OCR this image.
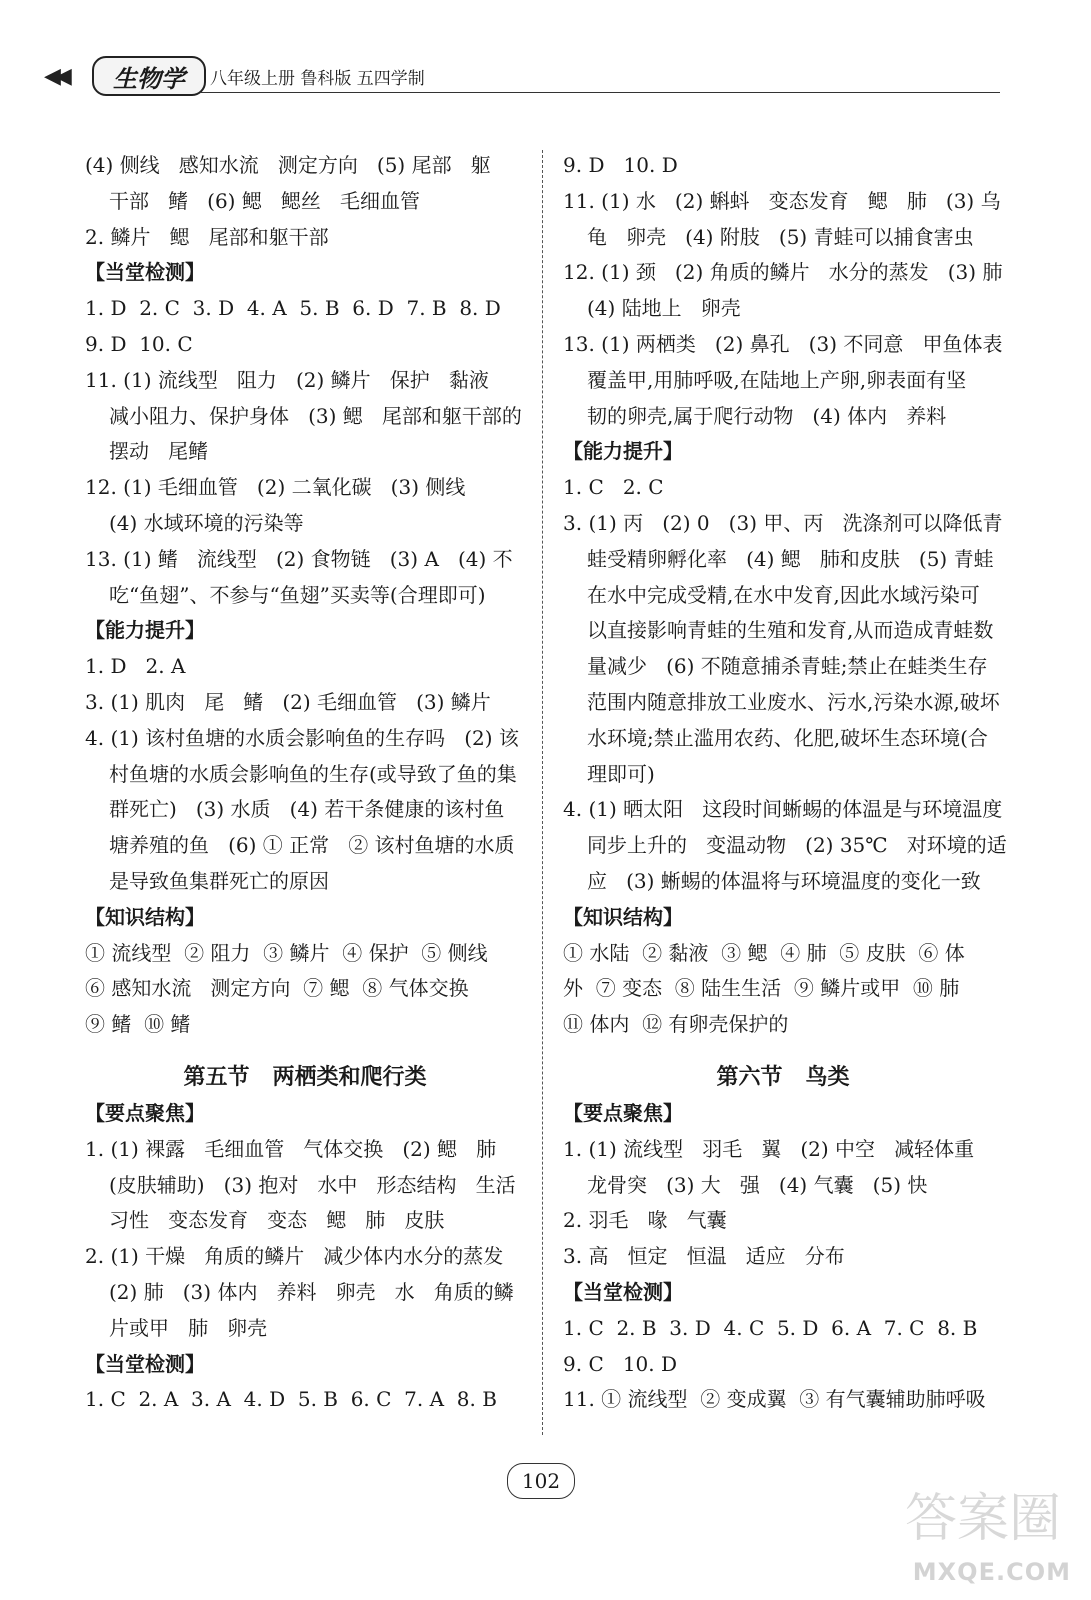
◀◀	生物学	八年级上册 鲁科版 五四学制
(4) 侧线   感知水流   测定方向   (5) 尾部   躯
干部   鳍   (6) 鳃   鳃丝   毛细血管
2. 鳞片   鳃   尾部和躯干部
【当堂检测】
1. D  2. C  3. D  4. A  5. B  6. D  7. B  8. D
9. D  10. C
11. (1) 流线型   阻力   (2) 鳞片   保护   黏液
减小阻力、保护身体   (3) 鳃   尾部和躯干部的
摆动   尾鳍
12. (1) 毛细血管   (2) 二氧化碳   (3) 侧线
(4) 水域环境的污染等
13. (1) 鳍   流线型   (2) 食物链   (3) A   (4) 不
吃“鱼翅”、不参与“鱼翅”买卖等(合理即可)
【能力提升】
1. D   2. A
3. (1) 肌肉   尾   鳍   (2) 毛细血管   (3) 鳞片
4. (1) 该村鱼塘的水质会影响鱼的生存吗   (2) 该
村鱼塘的水质会影响鱼的生存(或导致了鱼的集
群死亡)   (3) 水质   (4) 若干条健康的该村鱼
塘养殖的鱼   (6) ① 正常   ② 该村鱼塘的水质
是导致鱼集群死亡的原因
【知识结构】
① 流线型  ② 阻力  ③ 鳞片  ④ 保护  ⑤ 侧线
⑥ 感知水流   测定方向  ⑦ 鳃  ⑧ 气体交换
⑨ 鳍  ⑩ 鳍
第五节   两栖类和爬行类
【要点聚焦】
1. (1) 裸露   毛细血管   气体交换   (2) 鳃   肺
(皮肤辅助)   (3) 抱对   水中   形态结构   生活
习性   变态发育   变态   鳃   肺   皮肤
2. (1) 干燥   角质的鳞片   减少体内水分的蒸发
(2) 肺   (3) 体内   养料   卵壳   水   角质的鳞
片或甲   肺   卵壳
【当堂检测】
1. C  2. A  3. A  4. D  5. B  6. C  7. A  8. B
9. D   10. D
11. (1) 水   (2) 蝌蚪   变态发育   鳃   肺   (3) 乌
龟   卵壳   (4) 附肢   (5) 青蛙可以捕食害虫
12. (1) 颈   (2) 角质的鳞片   水分的蒸发   (3) 肺
(4) 陆地上   卵壳
13. (1) 两栖类   (2) 鼻孔   (3) 不同意   甲鱼体表
覆盖甲,用肺呼吸,在陆地上产卵,卵表面有坚
韧的卵壳,属于爬行动物   (4) 体内   养料
【能力提升】
1. C   2. C
3. (1) 丙   (2) 0   (3) 甲、丙   洗涤剂可以降低青
蛙受精卵孵化率   (4) 鳃   肺和皮肤   (5) 青蛙
在水中完成受精,在水中发育,因此水域污染可
以直接影响青蛙的生殖和发育,从而造成青蛙数
量减少   (6) 不随意捕杀青蛙;禁止在蛙类生存
范围内随意排放工业废水、污水,污染水源,破坏
水环境;禁止滥用农药、化肥,破坏生态环境(合
理即可)
4. (1) 晒太阳   这段时间蜥蜴的体温是与环境温度
同步上升的   变温动物   (2) 35℃   对环境的适
应   (3) 蜥蜴的体温将与环境温度的变化一致
【知识结构】
① 水陆  ② 黏液  ③ 鳃  ④ 肺  ⑤ 皮肤  ⑥ 体
外  ⑦ 变态  ⑧ 陆生生活  ⑨ 鳞片或甲  ⑩ 肺
⑪ 体内  ⑫ 有卵壳保护的
第六节   鸟类
【要点聚焦】
1. (1) 流线型   羽毛   翼   (2) 中空   减轻体重
龙骨突   (3) 大   强   (4) 气囊   (5) 快
2. 羽毛   喙   气囊
3. 高   恒定   恒温   适应   分布
【当堂检测】
1. C  2. B  3. D  4. C  5. D  6. A  7. C  8. B
9. C   10. D
11. ① 流线型  ② 变成翼  ③ 有气囊辅助肺呼吸
102
答案圈
MXQE.COM
